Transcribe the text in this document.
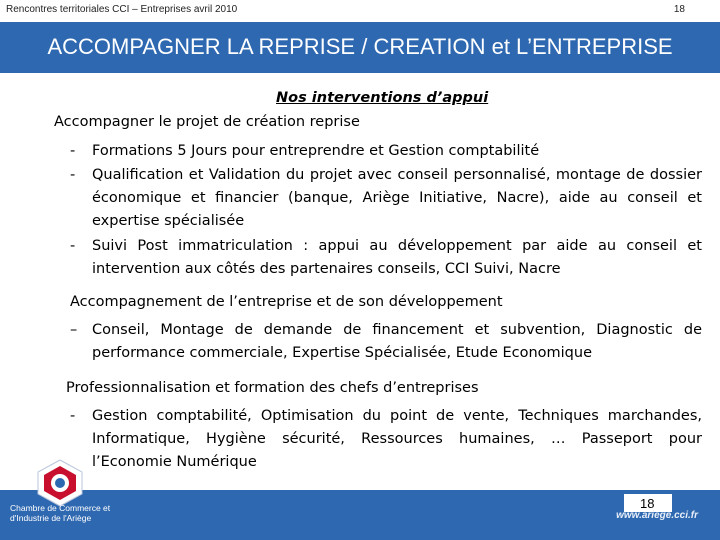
Rencontres territoriales CCI – Entreprises avril 2010	18
ACCOMPAGNER LA REPRISE / CREATION et L’ENTREPRISE
Nos interventions d’appui
Accompagner le projet de création reprise
-	Formations 5 Jours pour entreprendre et Gestion comptabilité
-	Qualification et Validation du projet avec conseil personnalisé, montage de dossier économique et financier (banque, Ariège Initiative, Nacre), aide au conseil et expertise spécialisée
-	Suivi Post immatriculation : appui au développement par aide au conseil et intervention aux côtés des partenaires conseils, CCI Suivi, Nacre
Accompagnement de l’entreprise et de son développement
–	Conseil, Montage de demande de financement et subvention, Diagnostic de performance commerciale, Expertise Spécialisée, Etude Economique
Professionnalisation et formation des chefs d’entreprises
-	Gestion comptabilité, Optimisation du point de vente, Techniques marchandes, Informatique, Hygiène sécurité, Ressources humaines, … Passeport pour l’Economie Numérique
Chambre de Commerce et
d'Industrie de l'Ariège
18
www.ariege.cci.fr
